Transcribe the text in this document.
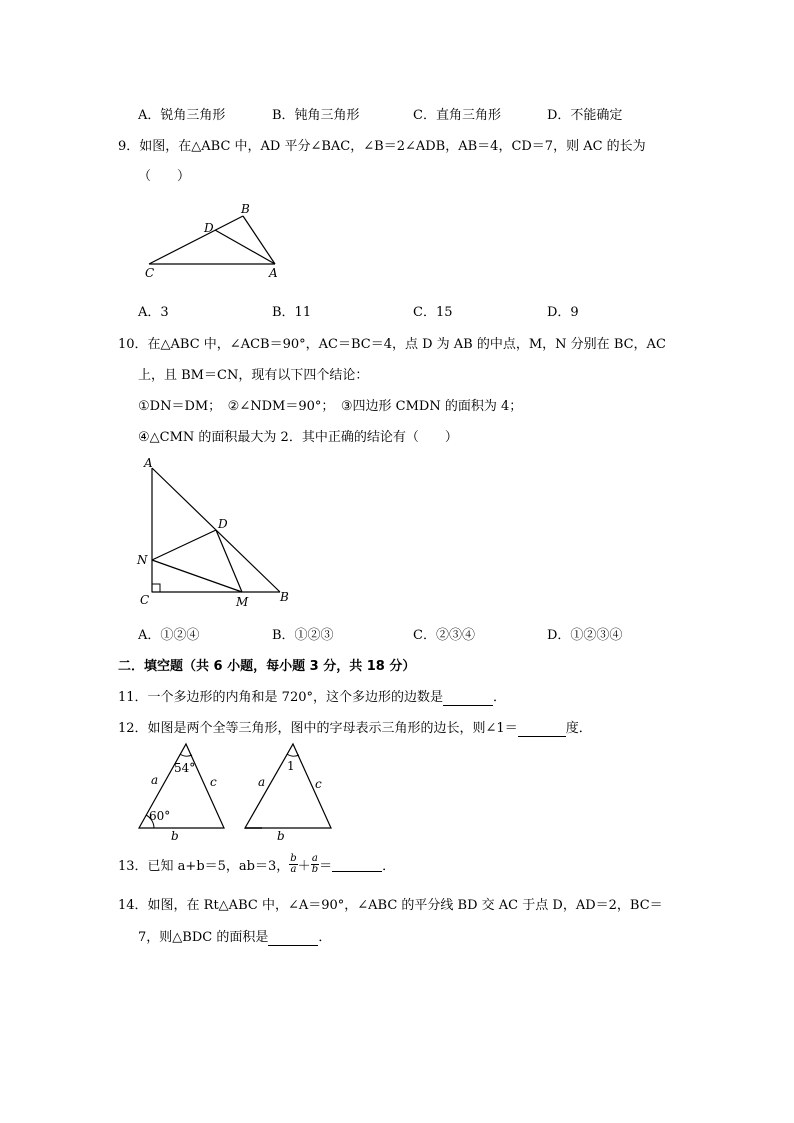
A．锐角三角形	B．钝角三角形	C．直角三角形	D．不能确定
9．如图，在△ABC 中，AD 平分∠BAC，∠B＝2∠ADB，AB＝4，CD＝7，则 AC 的长为
（　　）
B
D
C	A
A．3	B．11	C．15	D．9
10．在△ABC 中，∠ACB＝90°，AC＝BC＝4，点 D 为 AB 的中点，M，N 分别在 BC，AC
上，且 BM＝CN，现有以下四个结论：
①DN＝DM；　②∠NDM＝90°；　③四边形 CMDN 的面积为 4；
④△CMN 的面积最大为 2．其中正确的结论有（　　）
A
D
N
C	M	B
A．①②④	B．①②③	C．②③④	D．①②③④
二．填空题（共 6 小题，每小题 3 分，共 18 分）
11．一个多边形的内角和是 720°，这个多边形的边数是	．
12．如图是两个全等三角形，图中的字母表示三角形的边长，则∠1＝	度．
54°
60°
a	c
b
1
a	c
b
13．已知 a+b＝5，ab＝3， $\frac{b}{a} + \frac{a}{b}$ ＝	．
14．如图，在 Rt△ABC 中，∠A＝90°，∠ABC 的平分线 BD 交 AC 于点 D，AD＝2，BC＝
7，则△BDC 的面积是	．
